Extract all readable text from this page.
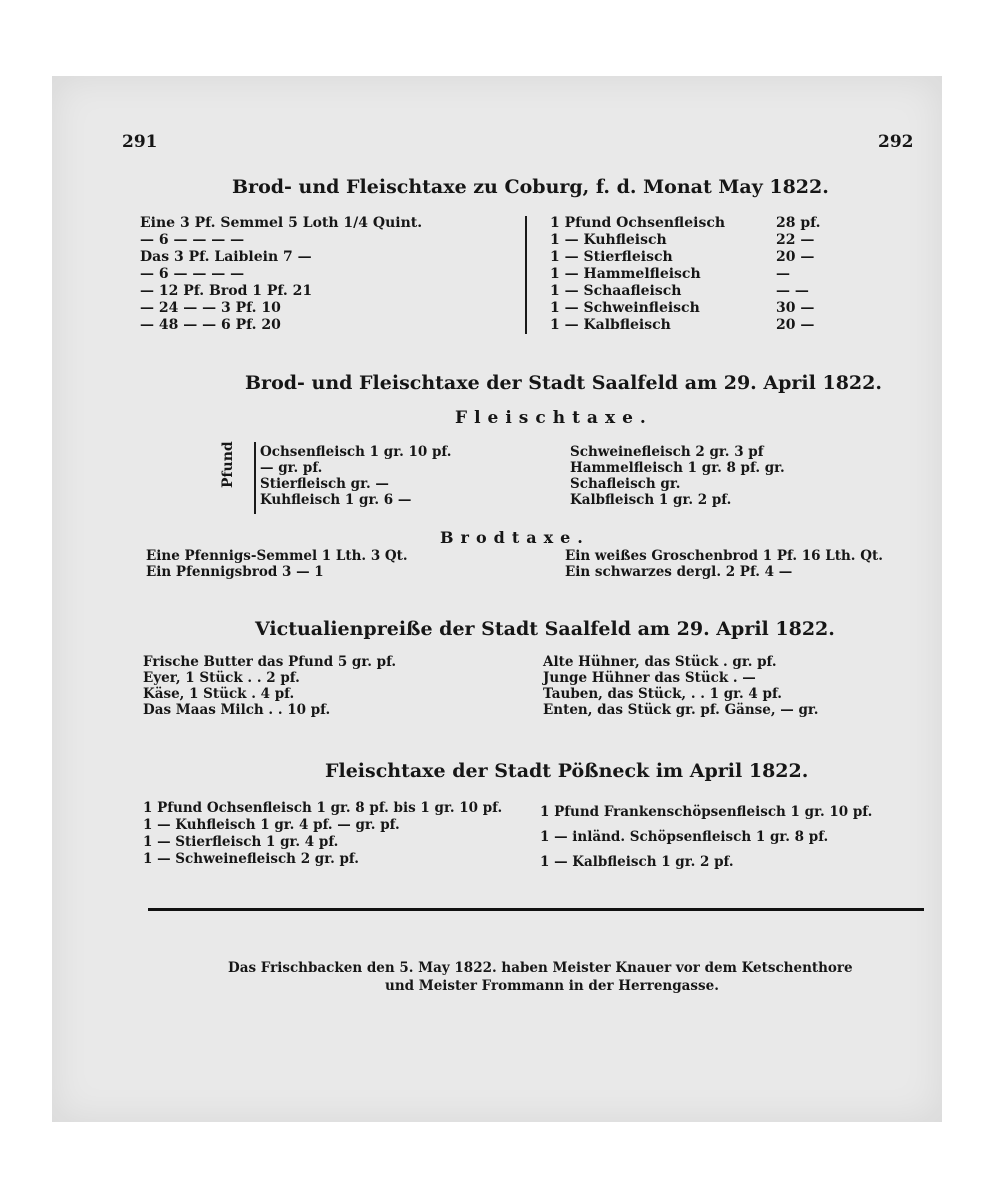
291	292
Brod- und Fleischtaxe zu Coburg, f. d. Monat May 1822.
Eine 3 Pf. Semmel 5 Loth 1/4 Quint.
— 6 — — — —
Das 3 Pf. Laiblein 7 —
— 6 — — — —
— 12 Pf. Brod 1 Pf. 21
— 24 — — 3 Pf. 10
— 48 — — 6 Pf. 20
1 Pfund Ochsenfleisch	28 pf.
1 — Kuhfleisch	22 —
1 — Stierfleisch	20 —
1 — Hammelfleisch	—
1 — Schaafleisch	— —
1 — Schweinfleisch	30 —
1 — Kalbfleisch	20 —
Brod- und Fleischtaxe der Stadt Saalfeld am 29. April 1822.
Fleischtaxe.
Pfund Ochsenfleisch 1 gr. 10 pf.
— gr. pf.
Stierfleisch gr. —
Kuhfleisch 1 gr. 6 —
Schweinefleisch 2 gr. 3 pf
Hammelfleisch 1 gr. 8 pf. gr.
Schafleisch gr.
Kalbfleisch 1 gr. 2 pf.
Brodtaxe.
Eine Pfennigs-Semmel 1 Lth. 3 Qt.
Ein Pfennigsbrod 3 — 1
Ein weißes Groschenbrod 1 Pf. 16 Lth. Qt.
Ein schwarzes dergl. 2 Pf. 4 —
Victualienpreiße der Stadt Saalfeld am 29. April 1822.
Frische Butter das Pfund 5 gr. pf.
Eyer, 1 Stück . . 2 pf.
Käse, 1 Stück . 4 pf.
Das Maas Milch . . 10 pf.
Alte Hühner, das Stück . gr. pf.
Junge Hühner das Stück . —
Tauben, das Stück, . . 1 gr. 4 pf.
Enten, das Stück gr. pf. Gänse, — gr.
Fleischtaxe der Stadt Pößneck im April 1822.
1 Pfund Ochsenfleisch 1 gr. 8 pf. bis 1 gr. 10 pf.
1 — Kuhfleisch 1 gr. 4 pf. — gr. pf.
1 — Stierfleisch 1 gr. 4 pf.
1 — Schweinefleisch 2 gr. pf.
1 Pfund Frankenschöpsenfleisch 1 gr. 10 pf.
1 — inländ. Schöpsenfleisch 1 gr. 8 pf.
1 — Kalbfleisch 1 gr. 2 pf.
Das Frischbacken den 5. May 1822. haben Meister Knauer vor dem Ketschenthore
und Meister Frommann in der Herrengasse.
